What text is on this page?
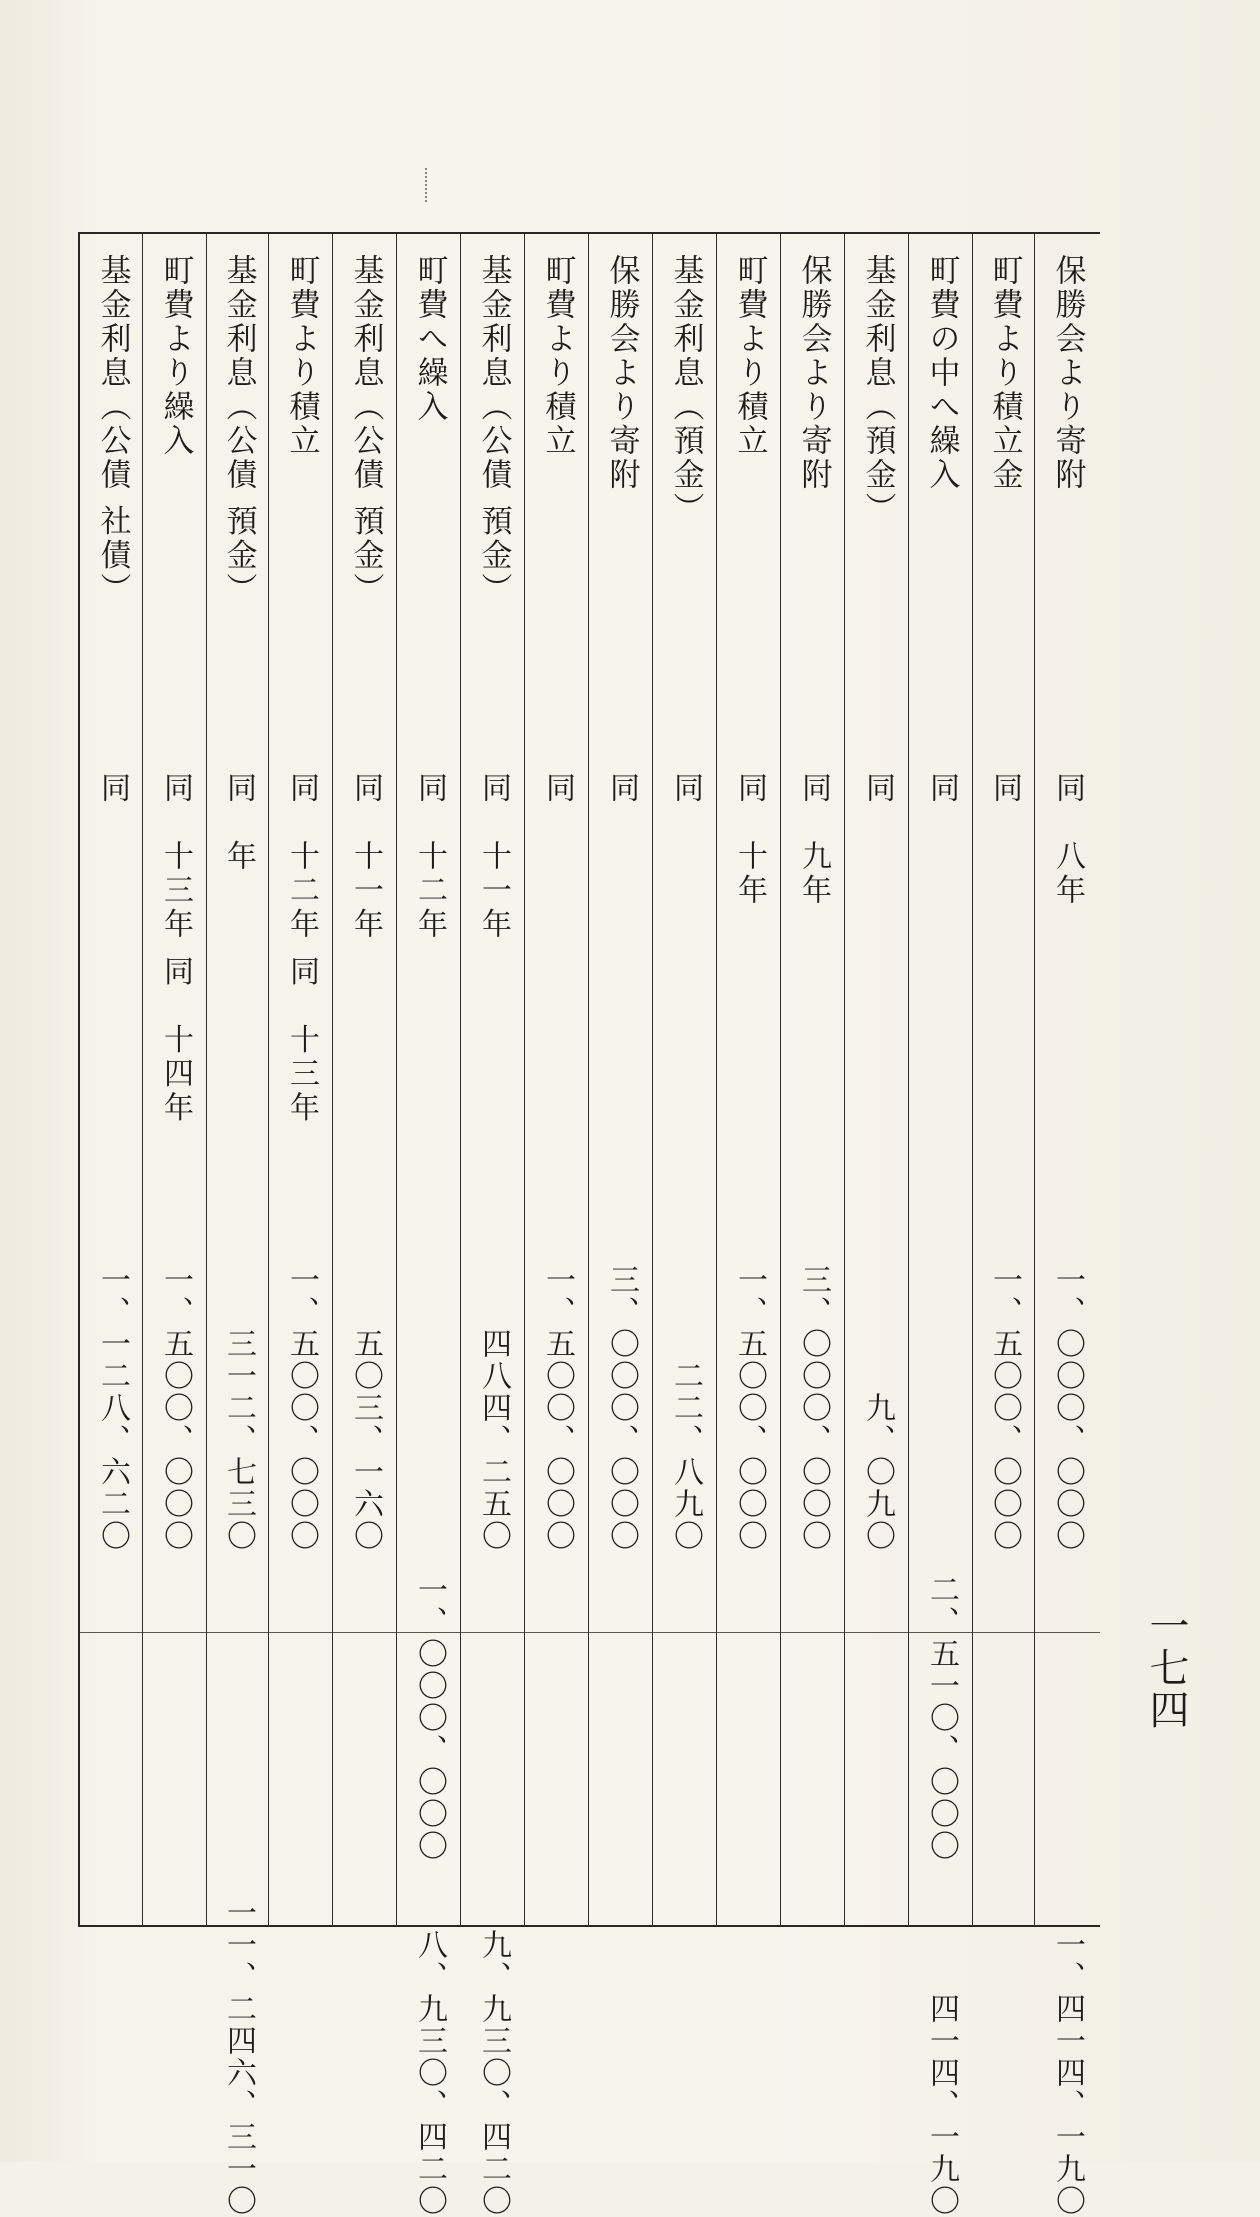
保勝会より寄附
同　八年
一、〇〇〇、〇〇〇
一、四一四、一九〇
町費より積立金
同
一、五〇〇、〇〇〇
町費の中へ繰入
同
二、五一〇、〇〇〇
四一四、一九〇
基金利息（預金）
同
九、〇九〇
保勝会より寄附
同　九年
三、〇〇〇、〇〇〇
町費より積立
同　十年
一、五〇〇、〇〇〇
基金利息（預金）
同
二二、八九〇
保勝会より寄附
同
三、〇〇〇、〇〇〇
町費より積立
同
一、五〇〇、〇〇〇
基金利息（公債 預金）
同　十一年
四八四、二五〇
九、九三〇、四二〇
町費へ繰入
同　十二年
一、〇〇〇、〇〇〇
八、九三〇、四二〇
基金利息（公債 預金）
同　十一年
五〇三、一六〇
町費より積立
同　十二年 同　十三年
一、五〇〇、〇〇〇
基金利息（公債 預金）
同　年
三一二、七三〇
一一、二四六、三一〇
町費より繰入
同　十三年 同　十四年
一、五〇〇、〇〇〇
基金利息（公債 社債）
同
一、一二八、六二〇
一七四
